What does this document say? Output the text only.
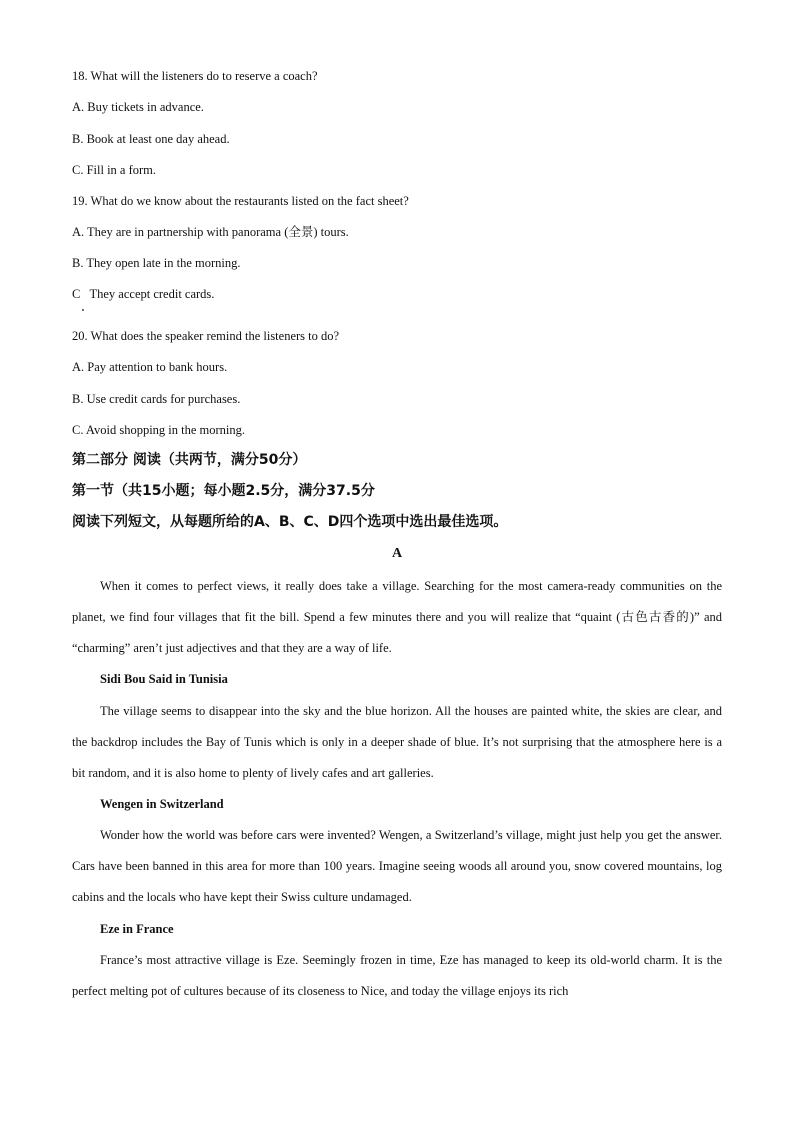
18. What will the listeners do to reserve a coach?
A. Buy tickets in advance.
B. Book at least one day ahead.
C. Fill in a form.
19. What do we know about the restaurants listed on the fact sheet?
A. They are in partnership with panorama (全景) tours.
B. They open late in the morning.
C   They accept credit cards.
20. What does the speaker remind the listeners to do?
A. Pay attention to bank hours.
B. Use credit cards for purchases.
C. Avoid shopping in the morning.
第二部分 阅读（共两节，满分50分）
第一节（共15小题；每小题2.5分，满分37.5分
阅读下列短文，从每题所给的A、B、C、D四个选项中选出最佳选项。
A

When it comes to perfect views, it really does take a village. Searching for the most camera-ready communities on the planet, we find four villages that fit the bill. Spend a few minutes there and you will realize that “quaint (古色古香的)” and “charming” aren’t just adjectives and that they are a way of life.

Sidi Bou Said in Tunisia

The village seems to disappear into the sky and the blue horizon. All the houses are painted white, the skies are clear, and the backdrop includes the Bay of Tunis which is only in a deeper shade of blue. It’s not surprising that the atmosphere here is a bit random, and it is also home to plenty of lively cafes and art galleries.

Wengen in Switzerland

Wonder how the world was before cars were invented? Wengen, a Switzerland’s village, might just help you get the answer. Cars have been banned in this area for more than 100 years. Imagine seeing woods all around you, snow covered mountains, log cabins and the locals who have kept their Swiss culture undamaged.

Eze in France

France’s most attractive village is Eze. Seemingly frozen in time, Eze has managed to keep its old-world charm. It is the perfect melting pot of cultures because of its closeness to Nice, and today the village enjoys its rich
